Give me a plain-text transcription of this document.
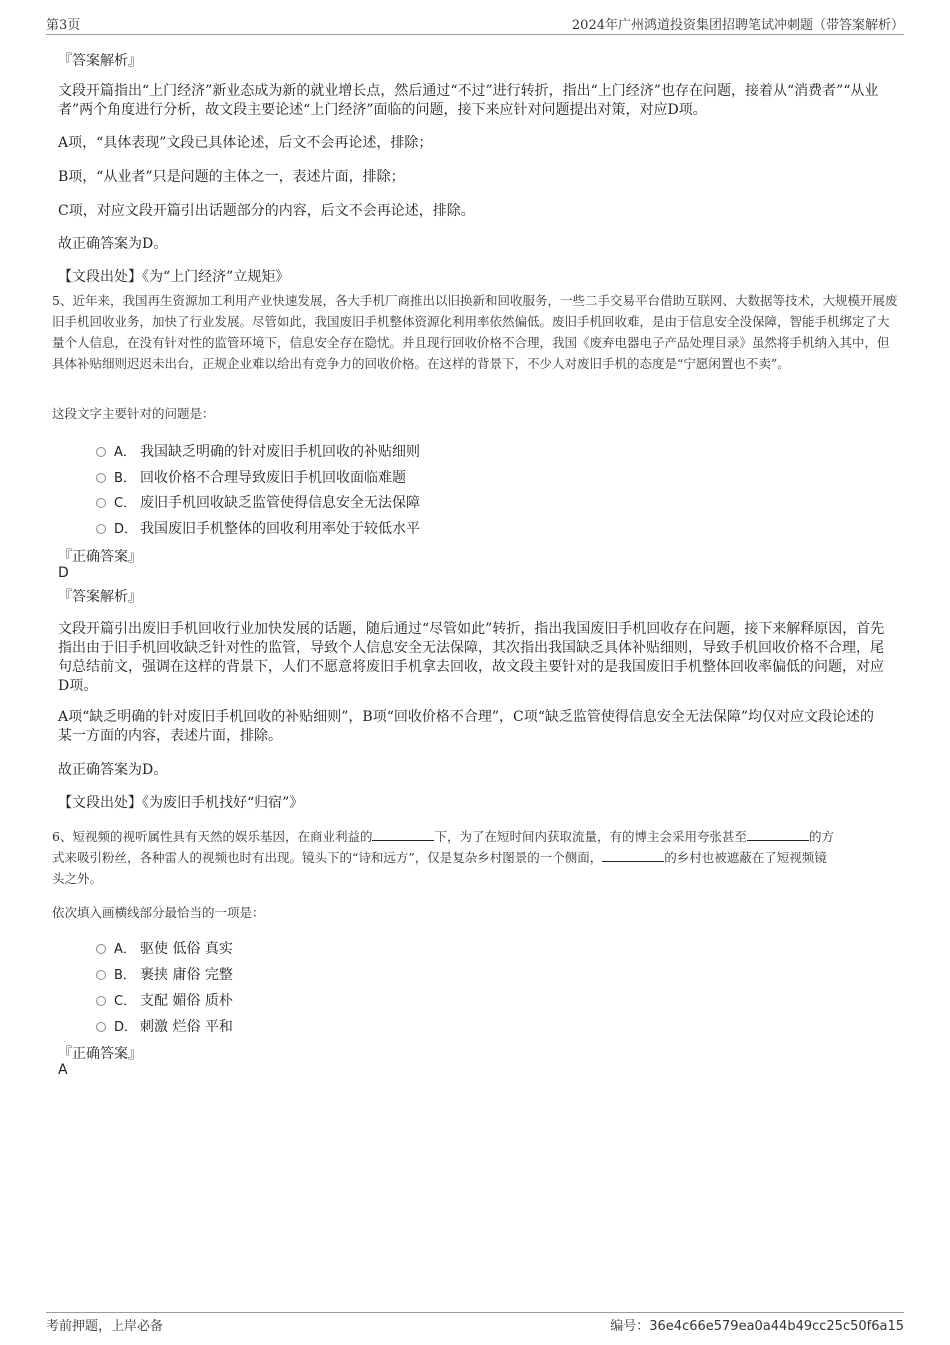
第3页	2024年广州鸿道投资集团招聘笔试冲刺题（带答案解析）
『答案解析』
文段开篇指出“上门经济”新业态成为新的就业增长点，然后通过“不过”进行转折，指出“上门经济”也存在问题，接着从“消费者”“从业者”两个角度进行分析，故文段主要论述“上门经济”面临的问题，接下来应针对问题提出对策，对应D项。
A项，“具体表现”文段已具体论述，后文不会再论述，排除；
B项，“从业者”只是问题的主体之一，表述片面，排除；
C项，对应文段开篇引出话题部分的内容，后文不会再论述，排除。
故正确答案为D。
【文段出处】《为“上门经济”立规矩》
5、近年来，我国再生资源加工利用产业快速发展，各大手机厂商推出以旧换新和回收服务，一些二手交易平台借助互联网、大数据等技术，大规模开展废旧手机回收业务，加快了行业发展。尽管如此，我国废旧手机整体资源化利用率依然偏低。废旧手机回收难，是由于信息安全没保障，智能手机绑定了大量个人信息，在没有针对性的监管环境下，信息安全存在隐忧。并且现行回收价格不合理，我国《废弃电器电子产品处理目录》虽然将手机纳入其中，但具体补贴细则迟迟未出台，正规企业难以给出有竞争力的回收价格。在这样的背景下，不少人对废旧手机的态度是“宁愿闲置也不卖”。
这段文字主要针对的问题是：
A． 我国缺乏明确的针对废旧手机回收的补贴细则
B． 回收价格不合理导致废旧手机回收面临难题
C． 废旧手机回收缺乏监管使得信息安全无法保障
D． 我国废旧手机整体的回收利用率处于较低水平
『正确答案』
D
『答案解析』
文段开篇引出废旧手机回收行业加快发展的话题，随后通过“尽管如此”转折，指出我国废旧手机回收存在问题，接下来解释原因，首先指出由于旧手机回收缺乏针对性的监管，导致个人信息安全无法保障，其次指出我国缺乏具体补贴细则，导致手机回收价格不合理，尾句总结前文，强调在这样的背景下，人们不愿意将废旧手机拿去回收，故文段主要针对的是我国废旧手机整体回收率偏低的问题，对应D项。
A项“缺乏明确的针对废旧手机回收的补贴细则”，B项“回收价格不合理”，C项“缺乏监管使得信息安全无法保障”均仅对应文段论述的某一方面的内容，表述片面，排除。
故正确答案为D。
【文段出处】《为废旧手机找好“归宿”》
6、短视频的视听属性具有天然的娱乐基因，在商业利益的	下，为了在短时间内获取流量，有的博主会采用夸张甚至	的方
式来吸引粉丝，各种雷人的视频也时有出现。镜头下的“诗和远方”，仅是复杂乡村图景的一个侧面，	的乡村也被遮蔽在了短视频镜
头之外。
依次填入画横线部分最恰当的一项是：
A． 驱使 低俗 真实
B． 裹挟 庸俗 完整
C． 支配 媚俗 质朴
D． 刺激 烂俗 平和
『正确答案』
A
考前押题，上岸必备	编号：36e4c66e579ea0a44b49cc25c50f6a15
